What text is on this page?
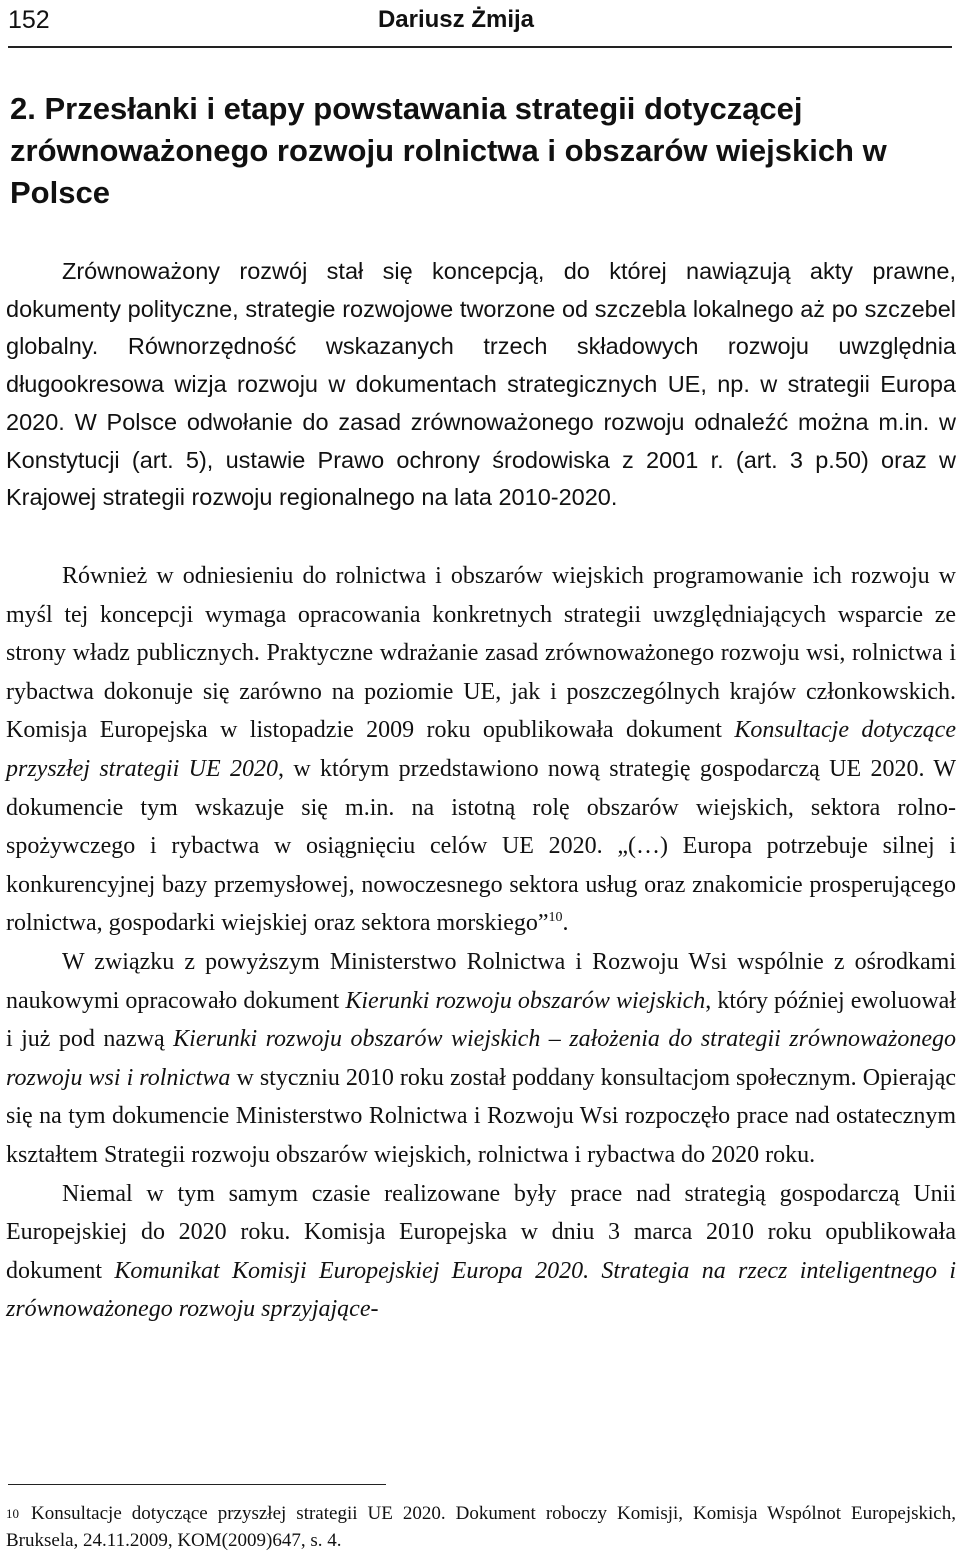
152	Dariusz Żmija
2. Przesłanki i etapy powstawania strategii dotyczącej zrównoważonego rozwoju rolnictwa i obszarów wiejskich w Polsce

Zrównoważony rozwój stał się koncepcją, do której nawiązują akty prawne, dokumenty polityczne, strategie rozwojowe tworzone od szczebla lokalnego aż po szczebel globalny. Równorzędność wskazanych trzech składowych rozwoju uwzględnia długookresowa wizja rozwoju w dokumentach strategicznych UE, np. w strategii Europa 2020. W Polsce odwołanie do zasad zrównoważonego rozwoju odnaleźć można m.in. w Konstytucji (art. 5), ustawie Prawo ochrony środowiska z 2001 r. (art. 3 p.50) oraz w Krajowej strategii rozwoju regionalnego na lata 2010-2020.

Również w odniesieniu do rolnictwa i obszarów wiejskich programowanie ich rozwoju w myśl tej koncepcji wymaga opracowania konkretnych strategii uwzględniających wsparcie ze strony władz publicznych. Praktyczne wdrażanie zasad zrównoważonego rozwoju wsi, rolnictwa i rybactwa dokonuje się zarówno na poziomie UE, jak i poszczególnych krajów członkowskich. Komisja Europejska w listopadzie 2009 roku opublikowała dokument Konsultacje dotyczące przyszłej strategii UE 2020, w którym przedstawiono nową strategię gospodarczą UE 2020. W dokumencie tym wskazuje się m.in. na istotną rolę obszarów wiejskich, sektora rolno-spożywczego i rybactwa w osiągnięciu celów UE 2020. „(…) Europa potrzebuje silnej i konkurencyjnej bazy przemysłowej, nowoczesnego sektora usług oraz znakomicie prosperującego rolnictwa, gospodarki wiejskiej oraz sektora morskiego”$^{10}$.

W związku z powyższym Ministerstwo Rolnictwa i Rozwoju Wsi wspólnie z ośrodkami naukowymi opracowało dokument Kierunki rozwoju obszarów wiejskich, który później ewoluował i już pod nazwą Kierunki rozwoju obszarów wiejskich – założenia do strategii zrównoważonego rozwoju wsi i rolnictwa w styczniu 2010 roku został poddany konsultacjom społecznym. Opierając się na tym dokumencie Ministerstwo Rolnictwa i Rozwoju Wsi rozpoczęło prace nad ostatecznym kształtem Strategii rozwoju obszarów wiejskich, rolnictwa i rybactwa do 2020 roku.

Niemal w tym samym czasie realizowane były prace nad strategią gospodarczą Unii Europejskiej do 2020 roku. Komisja Europejska w dniu 3 marca 2010 roku opublikowała dokument Komunikat Komisji Europejskiej Europa 2020. Strategia na rzecz inteligentnego i zrównoważonego rozwoju sprzyjające-

$^{10}$ Konsultacje dotyczące przyszłej strategii UE 2020. Dokument roboczy Komisji, Komisja Wspólnot Europejskich, Bruksela, 24.11.2009, KOM(2009)647, s. 4.
